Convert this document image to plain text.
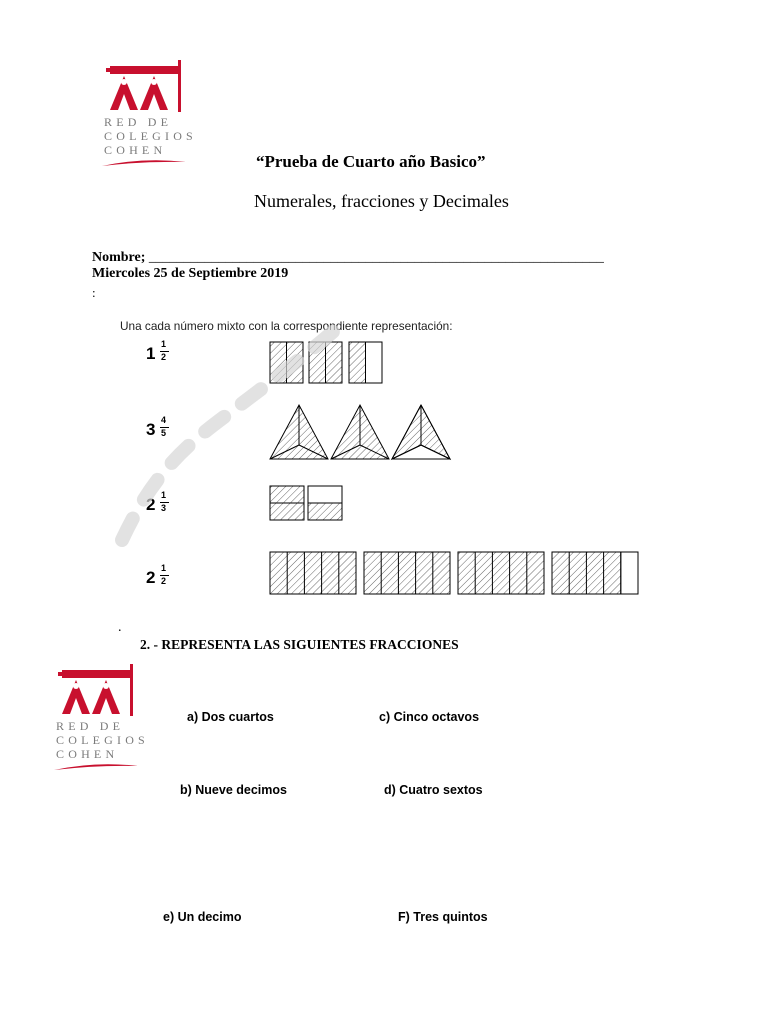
RED DE
COLEGIOS
COHEN
“Prueba de Cuarto año Basico”
Numerales, fracciones y Decimales
Nombre; _________________________________________________________________
Miercoles 25 de Septiembre 2019
:
Una cada número mixto con la correspondiente representación:
1 1
2
3 4
5
2 1
3
2 1
2
.
2. - REPRESENTA LAS SIGUIENTES FRACCIONES
RED DE
COLEGIOS
COHEN
a) Dos cuartos	c) Cinco octavos
b) Nueve decimos	d) Cuatro sextos
e) Un decimo	F) Tres quintos
